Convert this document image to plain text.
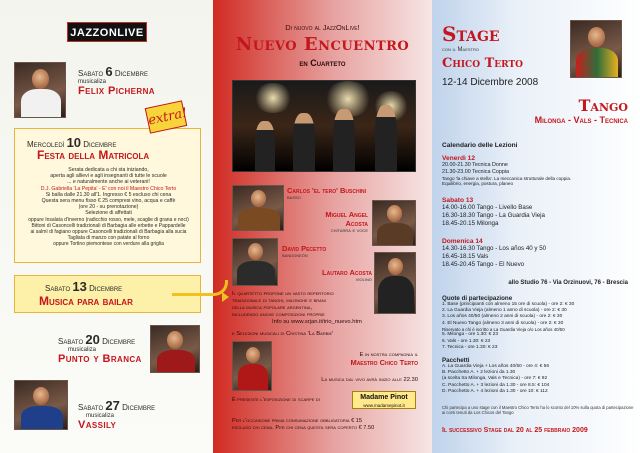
JAZZONLIVE
Sabato 6 Dicembre
musicaliza
Felix Picherna
Mercoledì 10 Dicembre
Festa della Matricola
Serata dedicata a chi sta iniziando,
aperta agli allievi e agli insegnanti di tutte le scuole
... e naturalmente anche ai veterani!
D.J. Gabriella 'La Pepita' - E' con noi il Maestro Chico Terto
Si balla dalle 21.30 all'1. Ingresso € 5 escluso chi cena
Questa sera menu fisso € 25 compresi vino, acqua e caffè
(ore 20 - su prenotazione)
Selezione di affettati
oppure Insalata d'inverno (radicchio rosso, mele, scaglie di grana e noci)
Bittoni di Casoncelli tradizionali di Barbagia alle erbette e Pappardelle
ai salmì di fagiano oppure Casoncelli tradizionali di Barbagia alla sucia
Tagliata di manzo con patate al forno
oppure Tortino piemontese con verdure alla griglia
extra!
Sabato 13 Dicembre
Musica para bailar
Sabato 20 Dicembre
musicaliza
Punto y Branca
Sabato 27 Dicembre
musicaliza
Vassily
Di nuovo al JazzOnLive!
Nuevo Encuentro
en Cuarteto
Carlos 'el tero' Buschini
basso
Miguel Angel Acosta
chitarra e voce
David Pecetto
bandoneón
Lautaro Acosta
violino
Il quartetto propone un vasto repertorio
tradizionale di tanghi, milonghe e brani
della musica popolare argentina,
includendo anche composizioni proprie
Info su www.srjan.it/trio_nuevo.htm
e Selezioni musicali di Cristina 'La Barbie'
E in nostra compagnia il
Maestro Chico Terto
La musica dal vivo avrà inizio alle 22.30
È presente l'esposizione di scarpe di	Madame Pinot
www.madamepinot.it
Per l'occasione prima consumazione obbligatoria € 15
escluso chi cena. Per chi cena questa sera coperto € 7.50
Stage
con il Maestro
Chico Terto
12-14 Dicembre 2008
Tango
Milonga - Vals - Tecnica
Calendario delle Lezioni
Venerdì 12
20.00-21.30 Tecnica Donne
21.30-23.00 Tecnica Coppia
Tango 'la chiave a stella'. La meccanica strutturale della coppia.
Equilibrio, energia, postura, planeo
Sabato 13
14.00-16.00 Tango - Livello Base
16.30-18.30 Tango - La Guardia Vieja
18.45-20.15 Milonga
Domenica 14
14.30-16.30 Tango - Los años 40 y 50
16.45-18.15 Vals
18.45-20.45 Tango - El Nuevo
allo Studio 76 - Via Orzinuovi, 76 - Brescia
Quote di partecipazione
1. Base (principianti con almeno 15 ore di scuola) - ore 2: € 30
2. La Guardia Vieja (almeno 1 anno di scuola) - ore 2: € 30
3. Los años 40/50 (almeno 2 anni di scuola) - ore 2: € 30
4. El Nuevo Tango (almeno 3 anni di scuola) - ore 2: € 30
Riservato a chi è iscritto a La Guardia Vieja o/o Los años 40/50
5. Milonga - ore 1.30: € 23
6. Vals - ore 1.30: € 23
7. Tecnica - ore 1.30: € 23
Pacchetti
A. La Guardia Vieja + Los años 40/50 - ore 4: € 56
B. Pacchetto A. + 2 lezioni da 1.30
(a scelta tra Milonga, Vals e Tecnica) - ore 7: € 92
C. Pacchetto A. + 3 lezioni da 1.30 - ore 8.5: € 104
D. Pacchetto A. + 4 lezioni da 1.30 - ore 10: € 112
Chi partecipa a uno stage con il Maestro Chico Terto ha lo sconto del 10% sulla quota di partecipazione ai corsi tenuti da Los Chicos del Tango
Il successivo Stage dal 20 al 25 febbraio 2009
